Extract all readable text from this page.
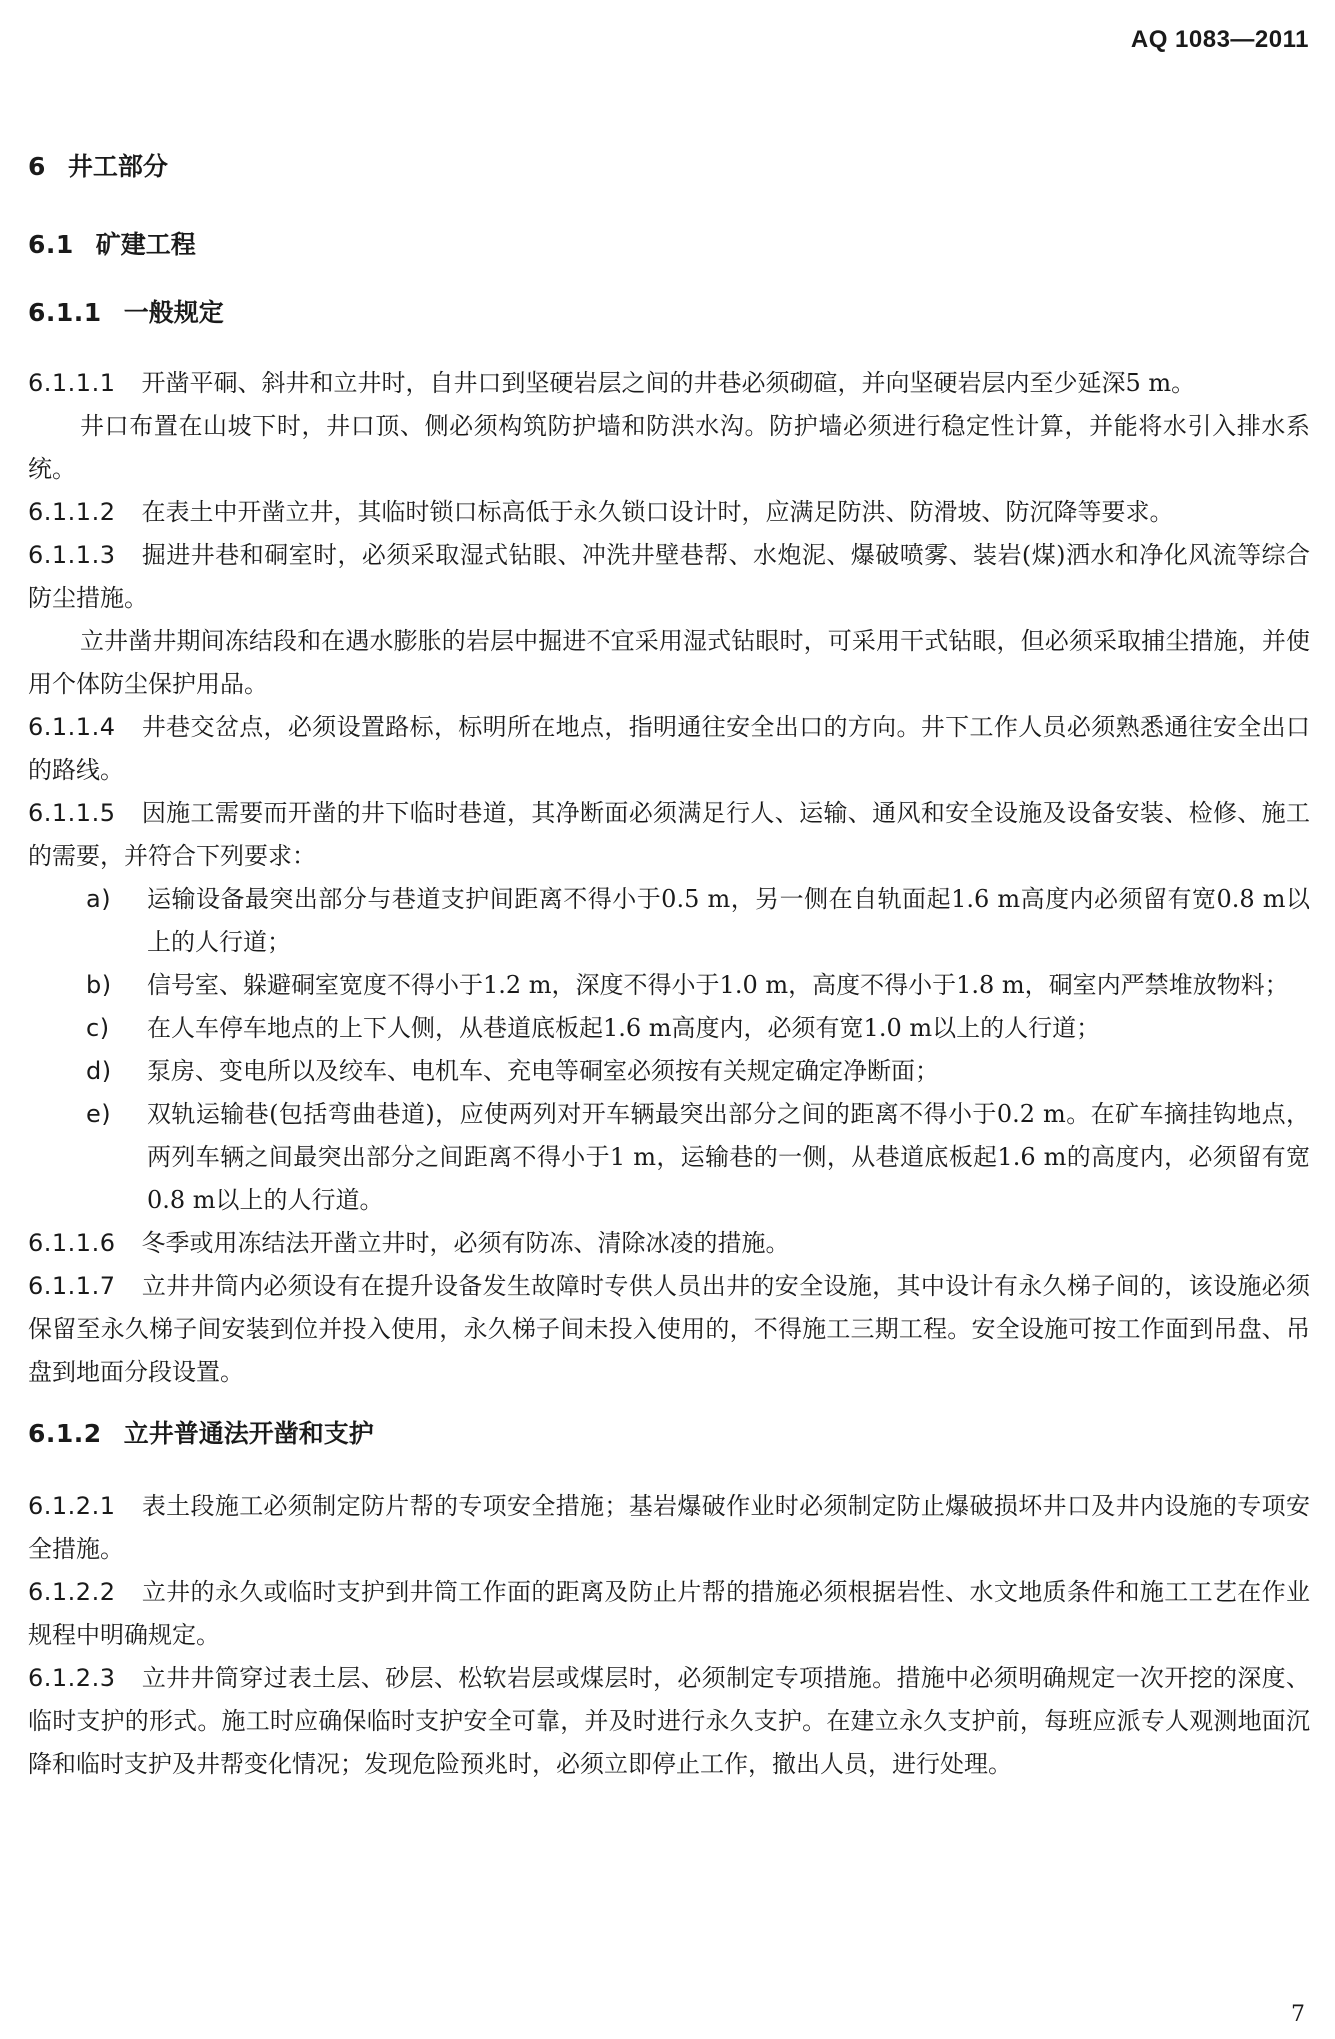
AQ 1083—2011
6 井工部分
6.1 矿建工程
6.1.1 一般规定

6.1.1.1 开凿平硐、斜井和立井时，自井口到坚硬岩层之间的井巷必须砌碹，并向坚硬岩层内至少延深5 m。

井口布置在山坡下时，井口顶、侧必须构筑防护墙和防洪水沟。防护墙必须进行稳定性计算，并能将水引入排水系统。

6.1.1.2 在表土中开凿立井，其临时锁口标高低于永久锁口设计时，应满足防洪、防滑坡、防沉降等要求。

6.1.1.3 掘进井巷和硐室时，必须采取湿式钻眼、冲洗井壁巷帮、水炮泥、爆破喷雾、装岩(煤)洒水和净化风流等综合防尘措施。

立井凿井期间冻结段和在遇水膨胀的岩层中掘进不宜采用湿式钻眼时，可采用干式钻眼，但必须采取捕尘措施，并使用个体防尘保护用品。

6.1.1.4 井巷交岔点，必须设置路标，标明所在地点，指明通往安全出口的方向。井下工作人员必须熟悉通往安全出口的路线。

6.1.1.5 因施工需要而开凿的井下临时巷道，其净断面必须满足行人、运输、通风和安全设施及设备安装、检修、施工的需要，并符合下列要求：

a) 运输设备最突出部分与巷道支护间距离不得小于0.5 m，另一侧在自轨面起1.6 m高度内必须留有宽0.8 m以上的人行道；
b) 信号室、躲避硐室宽度不得小于1.2 m，深度不得小于1.0 m，高度不得小于1.8 m，硐室内严禁堆放物料；
c) 在人车停车地点的上下人侧，从巷道底板起1.6 m高度内，必须有宽1.0 m以上的人行道；
d) 泵房、变电所以及绞车、电机车、充电等硐室必须按有关规定确定净断面；
e) 双轨运输巷(包括弯曲巷道)，应使两列对开车辆最突出部分之间的距离不得小于0.2 m。在矿车摘挂钩地点，两列车辆之间最突出部分之间距离不得小于1 m，运输巷的一侧，从巷道底板起1.6 m的高度内，必须留有宽0.8 m以上的人行道。

6.1.1.6 冬季或用冻结法开凿立井时，必须有防冻、清除冰凌的措施。

6.1.1.7 立井井筒内必须设有在提升设备发生故障时专供人员出井的安全设施，其中设计有永久梯子间的，该设施必须保留至永久梯子间安装到位并投入使用，永久梯子间未投入使用的，不得施工三期工程。安全设施可按工作面到吊盘、吊盘到地面分段设置。

6.1.2 立井普通法开凿和支护

6.1.2.1 表土段施工必须制定防片帮的专项安全措施；基岩爆破作业时必须制定防止爆破损坏井口及井内设施的专项安全措施。

6.1.2.2 立井的永久或临时支护到井筒工作面的距离及防止片帮的措施必须根据岩性、水文地质条件和施工工艺在作业规程中明确规定。

6.1.2.3 立井井筒穿过表土层、砂层、松软岩层或煤层时，必须制定专项措施。措施中必须明确规定一次开挖的深度、临时支护的形式。施工时应确保临时支护安全可靠，并及时进行永久支护。在建立永久支护前，每班应派专人观测地面沉降和临时支护及井帮变化情况；发现危险预兆时，必须立即停止工作，撤出人员，进行处理。

7
